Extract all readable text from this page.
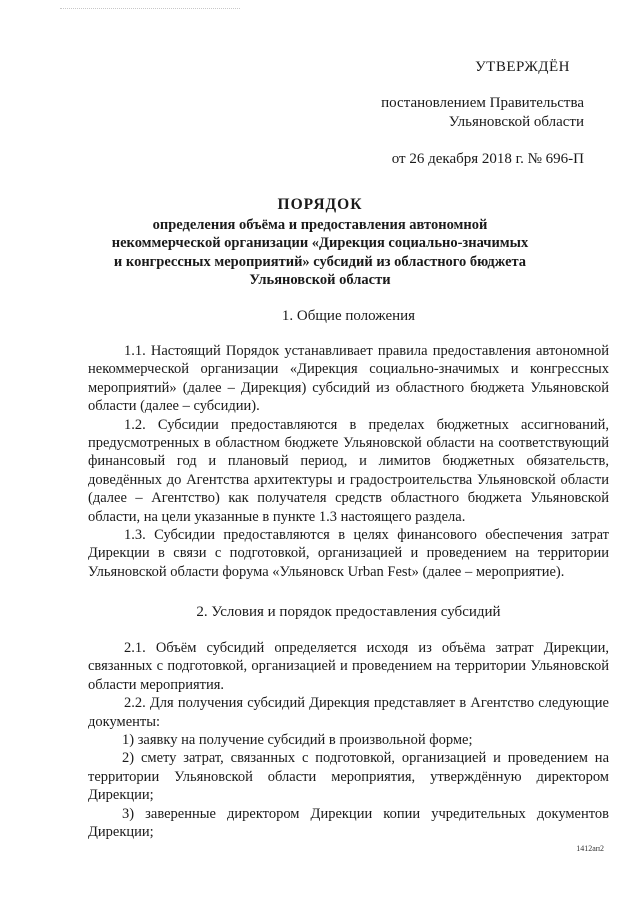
УТВЕРЖДЁН
постановлением Правительства
Ульяновской области
от 26 декабря 2018 г. № 696-П
ПОРЯДОК
определения объёма и предоставления автономной
некоммерческой организации «Дирекция социально-значимых
и конгрессных мероприятий» субсидий из областного бюджета
Ульяновской области
1. Общие положения

1.1. Настоящий Порядок устанавливает правила предоставления автономной некоммерческой организации «Дирекция социально-значимых и конгрессных мероприятий» (далее – Дирекция) субсидий из областного бюджета Ульяновской области (далее – субсидии).

1.2. Субсидии предоставляются в пределах бюджетных ассигнований, предусмотренных в областном бюджете Ульяновской области на соответствующий финансовый год и плановый период, и лимитов бюджетных обязательств, доведённых до Агентства архитектуры и градостроительства Ульяновской области (далее – Агентство) как получателя средств областного бюджета Ульяновской области, на цели указанные в пункте 1.3 настоящего раздела.

1.3. Субсидии предоставляются в целях финансового обеспечения затрат Дирекции в связи с подготовкой, организацией и проведением на территории Ульяновской области форума «Ульяновск Urban Fest» (далее – мероприятие).

2. Условия и порядок предоставления субсидий

2.1. Объём субсидий определяется исходя из объёма затрат Дирекции, связанных с подготовкой, организацией и проведением на территории Ульяновской области мероприятия.

2.2. Для получения субсидий Дирекция представляет в Агентство следующие документы:

1) заявку на получение субсидий в произвольной форме;

2) смету затрат, связанных с подготовкой, организацией и проведением на территории Ульяновской области мероприятия, утверждённую директором Дирекции;

3) заверенные директором Дирекции копии учредительных документов Дирекции;

1412ап2
